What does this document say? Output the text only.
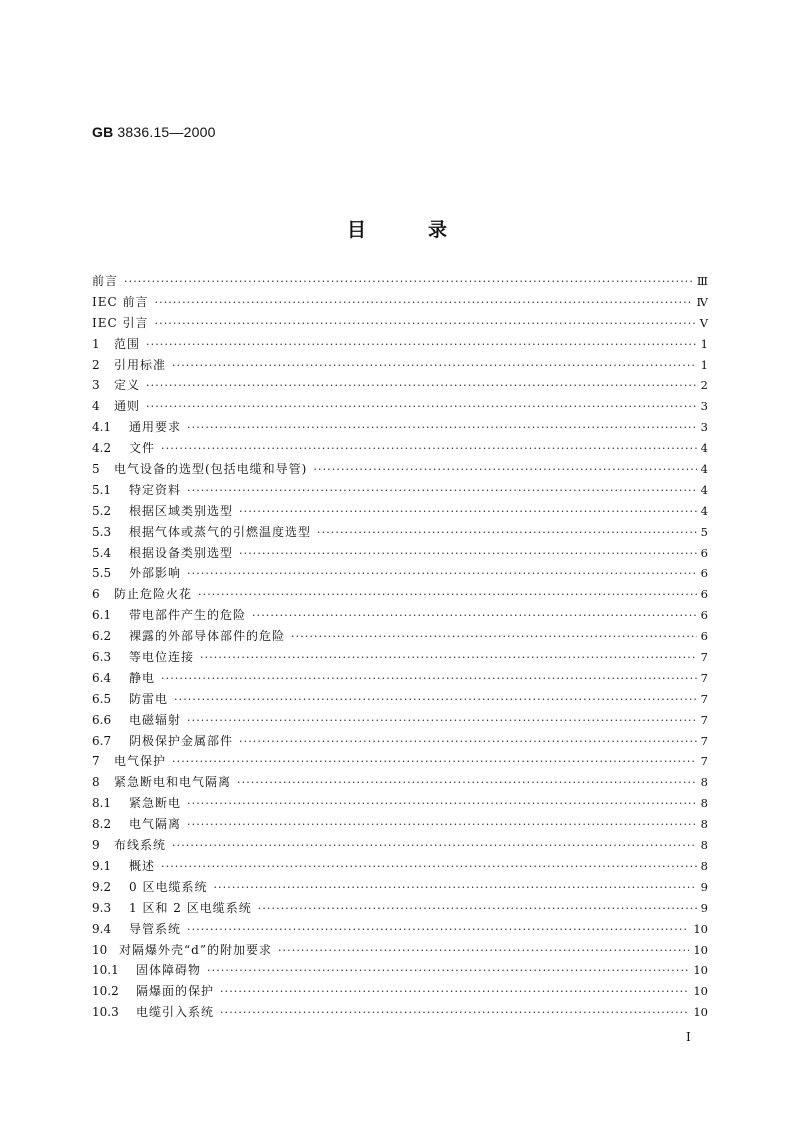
GB 3836.15—2000
目	录
前言 ·····	Ⅲ
IEC 前言 ·····	Ⅳ
IEC 引言 ·····	Ⅴ
1	范围 ·····	1
2	引用标准 ·····	1
3	定义 ·····	2
4	通则 ·····	3
4.1	通用要求 ·····	3
4.2	文件 ·····	4
5	电气设备的选型(包括电缆和导管) ·····	4
5.1	特定资料 ·····	4
5.2	根据区域类别选型 ·····	4
5.3	根据气体或蒸气的引燃温度选型 ·····	5
5.4	根据设备类别选型 ·····	6
5.5	外部影响 ·····	6
6	防止危险火花 ·····	6
6.1	带电部件产生的危险 ·····	6
6.2	裸露的外部导体部件的危险 ·····	6
6.3	等电位连接 ·····	7
6.4	静电 ·····	7
6.5	防雷电 ·····	7
6.6	电磁辐射 ·····	7
6.7	阴极保护金属部件 ·····	7
7	电气保护 ·····	7
8	紧急断电和电气隔离 ·····	8
8.1	紧急断电 ·····	8
8.2	电气隔离 ·····	8
9	布线系统 ·····	8
9.1	概述 ·····	8
9.2	0 区电缆系统 ·····	9
9.3	1 区和 2 区电缆系统 ·····	9
9.4	导管系统 ·····	10
10 对隔爆外壳“d”的附加要求 ·····	10
10.1	固体障碍物 ·····	10
10.2	隔爆面的保护 ·····	10
10.3	电缆引入系统 ·····	10
Ⅰ
